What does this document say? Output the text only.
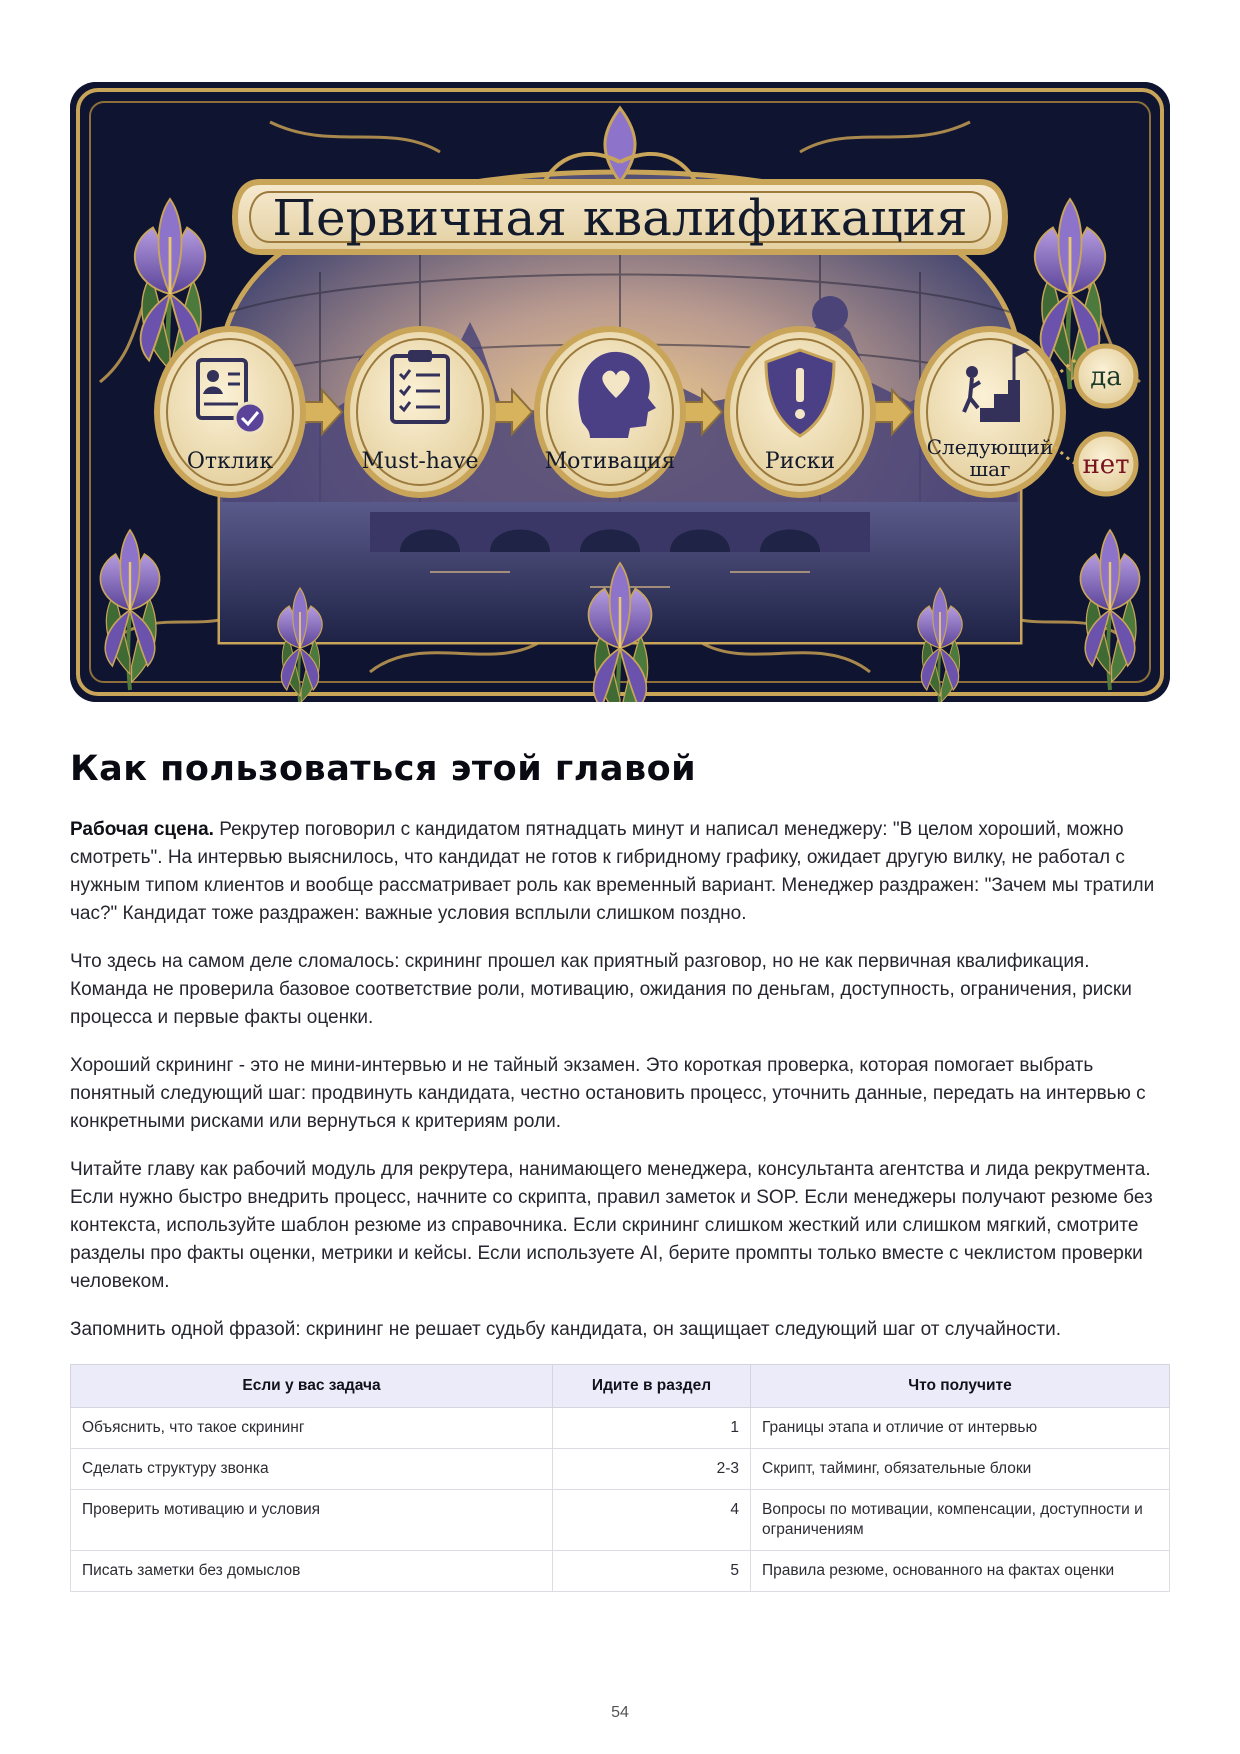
Первичная квалификация
Отклик	Must-have	Мотивация	Риски
Следующий
шаг
да
нет
Как пользоваться этой главой

Рабочая сцена. Рекрутер поговорил с кандидатом пятнадцать минут и написал менеджеру: "В целом хороший, можно смотреть". На интервью выяснилось, что кандидат не готов к гибридному графику, ожидает другую вилку, не работал с нужным типом клиентов и вообще рассматривает роль как временный вариант. Менеджер раздражен: "Зачем мы тратили час?" Кандидат тоже раздражен: важные условия всплыли слишком поздно.

Что здесь на самом деле сломалось: скрининг прошел как приятный разговор, но не как первичная квалификация. Команда не проверила базовое соответствие роли, мотивацию, ожидания по деньгам, доступность, ограничения, риски процесса и первые факты оценки.

Хороший скрининг - это не мини-интервью и не тайный экзамен. Это короткая проверка, которая помогает выбрать понятный следующий шаг: продвинуть кандидата, честно остановить процесс, уточнить данные, передать на интервью с конкретными рисками или вернуться к критериям роли.

Читайте главу как рабочий модуль для рекрутера, нанимающего менеджера, консультанта агентства и лида рекрутмента. Если нужно быстро внедрить процесс, начните со скрипта, правил заметок и SOP. Если менеджеры получают резюме без контекста, используйте шаблон резюме из справочника. Если скрининг слишком жесткий или слишком мягкий, смотрите разделы про факты оценки, метрики и кейсы. Если используете AI, берите промпты только вместе с чеклистом проверки человеком.

Запомнить одной фразой: скрининг не решает судьбу кандидата, он защищает следующий шаг от случайности.

Если у вас задача	Идите в раздел	Что получите
Объяснить, что такое скрининг	1	Границы этапа и отличие от интервью
Сделать структуру звонка	2-3	Скрипт, тайминг, обязательные блоки
Проверить мотивацию и условия	4	Вопросы по мотивации, компенсации, доступности и ограничениям
Писать заметки без домыслов	5	Правила резюме, основанного на фактах оценки
54
